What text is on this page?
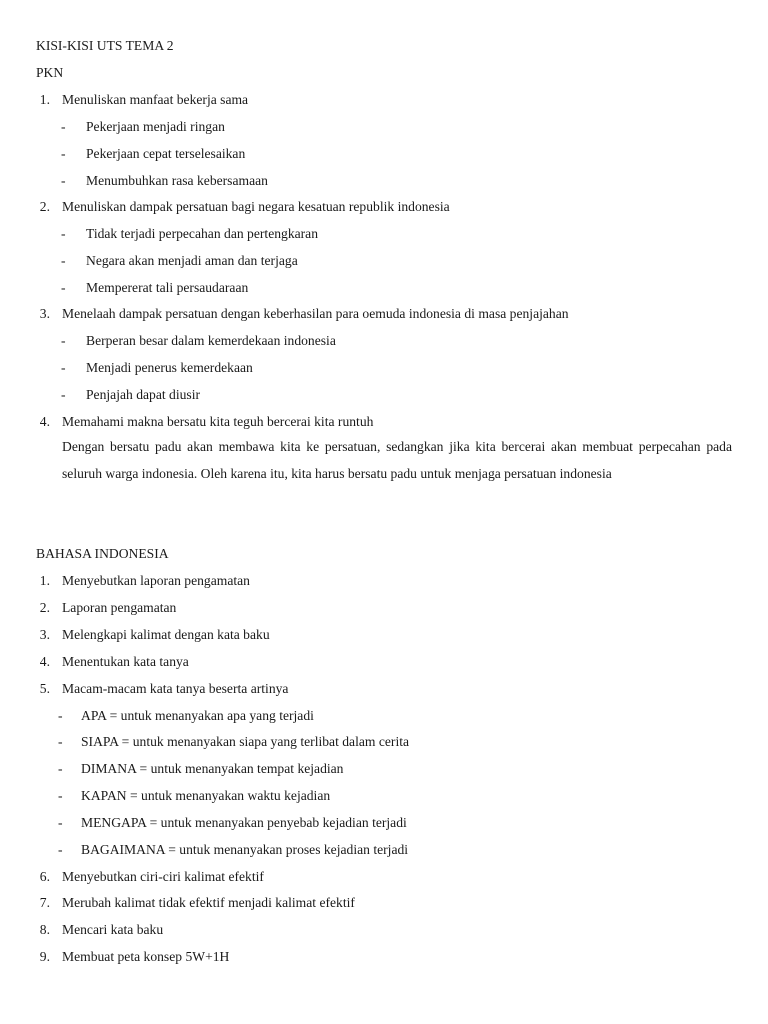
KISI-KISI UTS TEMA 2
PKN
1. Menuliskan manfaat bekerja sama
- Pekerjaan menjadi ringan
- Pekerjaan cepat terselesaikan
- Menumbuhkan rasa kebersamaan
2. Menuliskan dampak persatuan bagi negara kesatuan republik indonesia
- Tidak terjadi perpecahan dan pertengkaran
- Negara akan menjadi aman dan terjaga
- Mempererat tali persaudaraan
3. Menelaah dampak persatuan dengan keberhasilan para oemuda indonesia di masa penjajahan
- Berperan besar dalam kemerdekaan indonesia
- Menjadi penerus kemerdekaan
- Penjajah dapat diusir
4. Memahami makna bersatu kita teguh bercerai kita runtuh
Dengan bersatu padu akan membawa kita ke persatuan, sedangkan jika kita bercerai akan membuat perpecahan pada seluruh warga indonesia. Oleh karena itu, kita harus bersatu padu untuk menjaga persatuan indonesia
BAHASA INDONESIA
1. Menyebutkan laporan pengamatan
2. Laporan pengamatan
3. Melengkapi kalimat dengan kata baku
4. Menentukan kata tanya
5. Macam-macam kata tanya beserta artinya
- APA = untuk menanyakan apa yang terjadi
- SIAPA = untuk menanyakan siapa yang terlibat dalam cerita
- DIMANA = untuk menanyakan tempat kejadian
- KAPAN = untuk menanyakan waktu kejadian
- MENGAPA = untuk menanyakan penyebab kejadian terjadi
- BAGAIMANA = untuk menanyakan proses kejadian terjadi
6. Menyebutkan ciri-ciri kalimat efektif
7. Merubah kalimat tidak efektif menjadi kalimat efektif
8. Mencari kata baku
9. Membuat peta konsep 5W+1H
